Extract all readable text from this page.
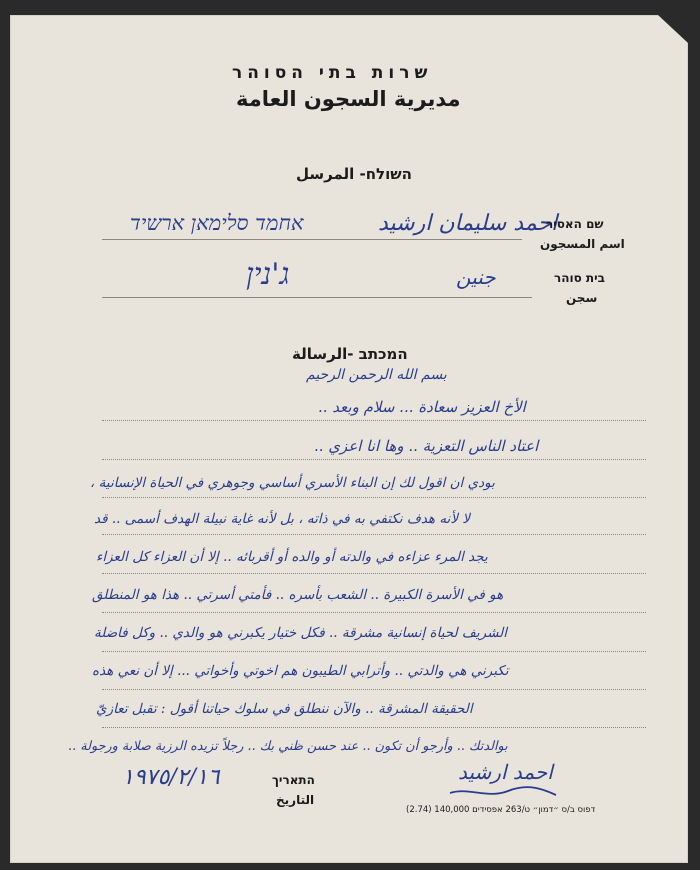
שרות בתי הסוהר
مديرية السجون العامة
השולח- المرسل
احمد سليمان ارشيد
אחמד סלימאן ארשיד	שם האסיר
اسم المسجون
جنين
ג'נין	בית סוהר
سجن
המכתב -الرسالة
بسم الله الرحمن الرحيم
الأخ العزيز سعادة ... سلام وبعد ..
اعتاد الناس التعزية .. وها انا اعزي ..
بودي ان اقول لك إن البناء الأسري أساسي وجوهري في الحياة الإنسانية ،
لا لأنه هدف نكتفي به في ذاته ، بل لأنه غاية نبيلة الهدف أسمى .. قد
يجد المرء عزاءه في والدته أو والده أو أقربائه .. إلا أن العزاء كل العزاء
هو في الأسرة الكبيرة .. الشعب بأسره .. فأمتي أسرتي .. هذا هو المنطلق
الشريف لحياة إنسانية مشرقة .. فكل ختيار يكبرني هو والدي .. وكل فاضلة
تكبرني هي والدتي .. وأترابي الطيبون هم اخوتي وأخواتي ... إلا أن نعي هذه
الحقيقة المشرقة .. والآن ننطلق في سلوك حياتنا أقول : تقبل تعازيّ
بوالدتك .. وأرجو أن تكون .. عند حسن ظني بك .. رجلاً تزيده الرزية صلابة ورجولة ..
١٩٧٥/٢/١٦	התאריך
التاريخ
احمد ارشيد
דפוס ב/ס ״דמון״ ט/263 אפסידים 140,000 (2.74)
